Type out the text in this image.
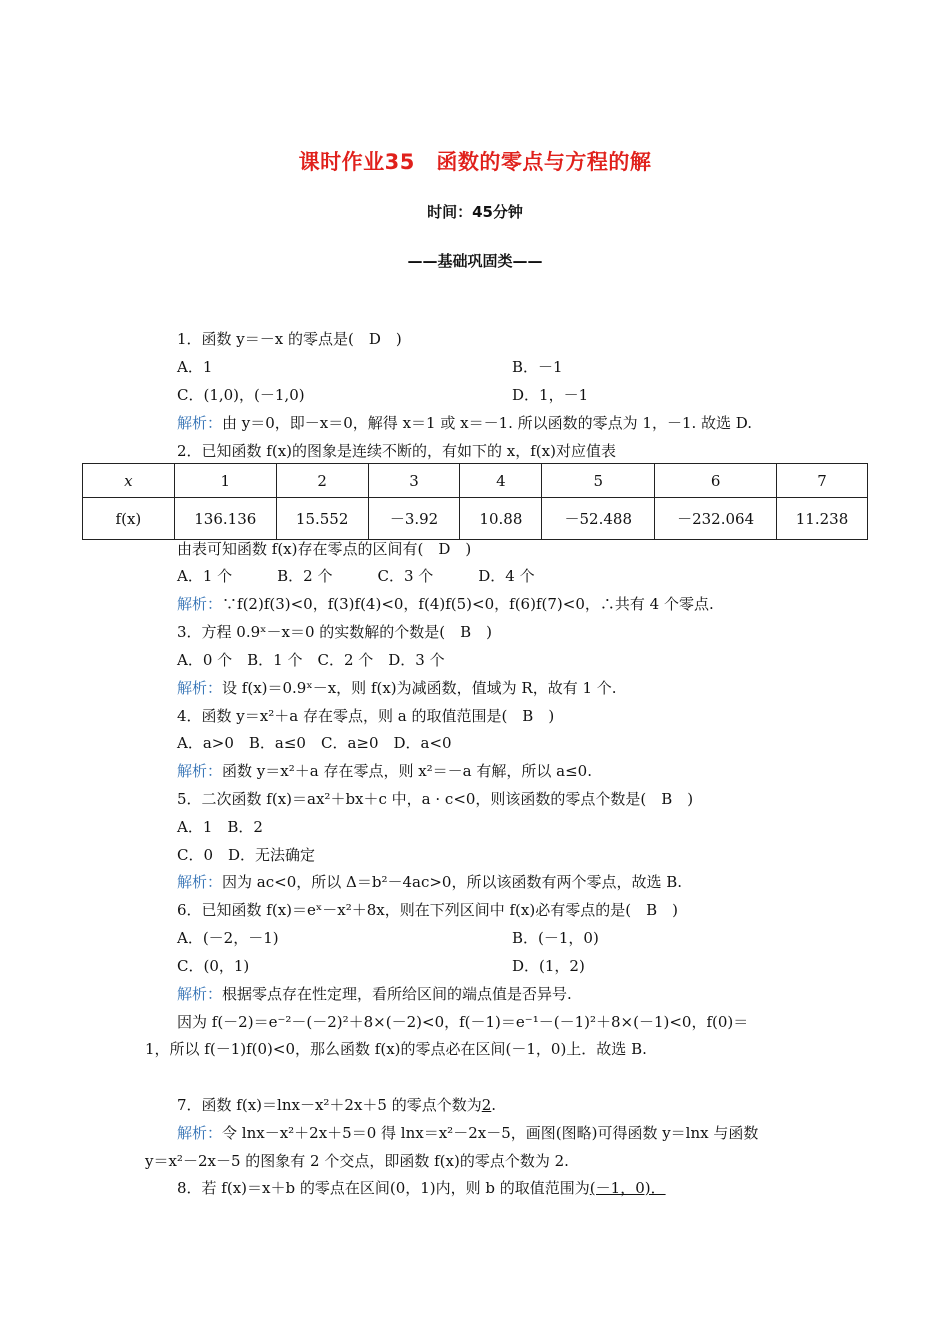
课时作业35　函数的零点与方程的解
时间：45分钟
——基础巩固类——
1．函数 y＝－x 的零点是(　D　)
A．1	B．－1
C．(1,0)，(－1,0)	D．1，－1
解析：由 y＝0，即－x＝0，解得 x＝1 或 x＝－1. 所以函数的零点为 1，－1. 故选 D.
2．已知函数 f(x)的图象是连续不断的，有如下的 x，f(x)对应值表
x	1	2	3	4	5	6	7
f(x)	136.136	15.552	－3.92	10.88	－52.488	－232.064	11.238
由表可知函数 f(x)存在零点的区间有(　D　)
A．1 个　　　B．2 个　　　C．3 个　　　D．4 个
解析：∵f(2)f(3)<0，f(3)f(4)<0，f(4)f(5)<0，f(6)f(7)<0，∴共有 4 个零点.
3．方程 0.9ˣ－x＝0 的实数解的个数是(　B　)
A．0 个　B．1 个　C．2 个　D．3 个
解析：设 f(x)＝0.9ˣ－x，则 f(x)为减函数，值域为 R，故有 1 个.
4．函数 y＝x²＋a 存在零点，则 a 的取值范围是(　B　)
A．a>0　B．a≤0　C．a≥0　D．a<0
解析：函数 y＝x²＋a 存在零点，则 x²＝－a 有解，所以 a≤0.
5．二次函数 f(x)＝ax²＋bx＋c 中，a · c<0，则该函数的零点个数是(　B　)
A．1　B．2
C．0　D．无法确定
解析：因为 ac<0，所以 Δ＝b²－4ac>0，所以该函数有两个零点，故选 B.
6．已知函数 f(x)＝eˣ－x²＋8x，则在下列区间中 f(x)必有零点的是(　B　)
A．(－2，－1)	B．(－1，0)
C．(0，1)	D．(1，2)
解析：根据零点存在性定理，看所给区间的端点值是否异号.
因为 f(－2)＝e⁻²－(－2)²＋8×(－2)<0，f(－1)＝e⁻¹－(－1)²＋8×(－1)<0，f(0)＝
1，所以 f(－1)f(0)<0，那么函数 f(x)的零点必在区间(－1，0)上．故选 B.
7．函数 f(x)＝lnx－x²＋2x＋5 的零点个数为2.
解析：令 lnx－x²＋2x＋5＝0 得 lnx＝x²－2x－5，画图(图略)可得函数 y＝lnx 与函数
y＝x²－2x－5 的图象有 2 个交点，即函数 f(x)的零点个数为 2.
8．若 f(x)＝x＋b 的零点在区间(0，1)内，则 b 的取值范围为(－1，0)．
